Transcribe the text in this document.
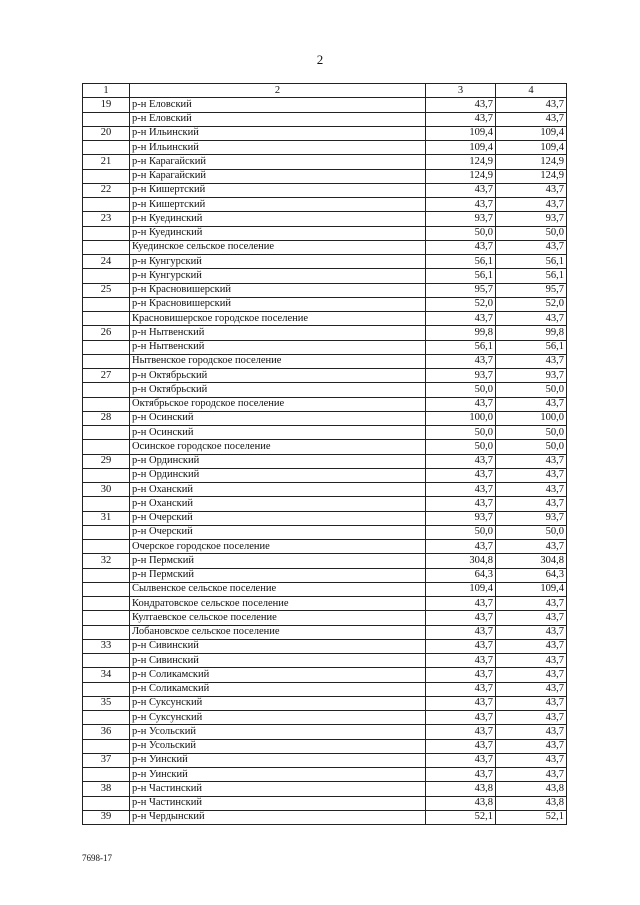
2
1	2	3	4
19	р-н Еловский	43,7	43,7
	р-н Еловский	43,7	43,7
20	р-н Ильинский	109,4	109,4
	р-н Ильинский	109,4	109,4
21	р-н Карагайский	124,9	124,9
	р-н Карагайский	124,9	124,9
22	р-н Кишертский	43,7	43,7
	р-н Кишертский	43,7	43,7
23	р-н Куединский	93,7	93,7
	р-н Куединский	50,0	50,0
	Куединское сельское поселение	43,7	43,7
24	р-н Кунгурский	56,1	56,1
	р-н Кунгурский	56,1	56,1
25	р-н Красновишерский	95,7	95,7
	р-н Красновишерский	52,0	52,0
	Красновишерское городское поселение	43,7	43,7
26	р-н Нытвенский	99,8	99,8
	р-н Нытвенский	56,1	56,1
	Нытвенское городское поселение	43,7	43,7
27	р-н Октябрьский	93,7	93,7
	р-н Октябрьский	50,0	50,0
	Октябрьское городское поселение	43,7	43,7
28	р-н Осинский	100,0	100,0
	р-н Осинский	50,0	50,0
	Осинское городское поселение	50,0	50,0
29	р-н Ординский	43,7	43,7
	р-н Ординский	43,7	43,7
30	р-н Оханский	43,7	43,7
	р-н Оханский	43,7	43,7
31	р-н Очерский	93,7	93,7
	р-н Очерский	50,0	50,0
	Очерское городское поселение	43,7	43,7
32	р-н Пермский	304,8	304,8
	р-н Пермский	64,3	64,3
	Сылвенское сельское поселение	109,4	109,4
	Кондратовское сельское поселение	43,7	43,7
	Култаевское сельское поселение	43,7	43,7
	Лобановское сельское поселение	43,7	43,7
33	р-н Сивинский	43,7	43,7
	р-н Сивинский	43,7	43,7
34	р-н Соликамский	43,7	43,7
	р-н Соликамский	43,7	43,7
35	р-н Суксунский	43,7	43,7
	р-н Суксунский	43,7	43,7
36	р-н Усольский	43,7	43,7
	р-н Усольский	43,7	43,7
37	р-н Уинский	43,7	43,7
	р-н Уинский	43,7	43,7
38	р-н Частинский	43,8	43,8
	р-н Частинский	43,8	43,8
39	р-н Чердынский	52,1	52,1
7698-17
